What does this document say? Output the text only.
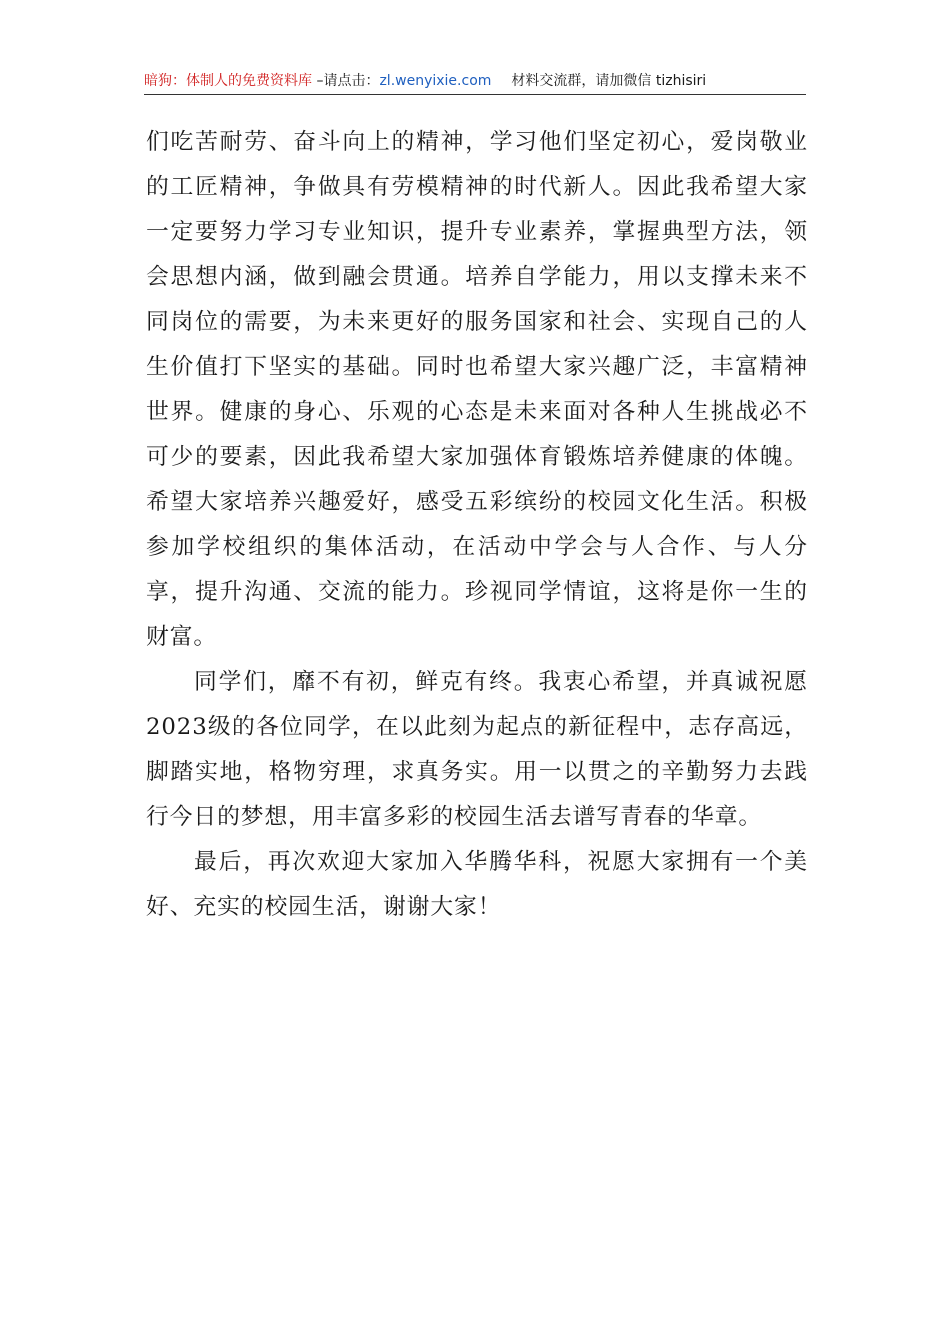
暗狗：体制人的免费资料库 –请点击：zl.wenyixie.com 材料交流群，请加微信 tizhisiri

们吃苦耐劳、奋斗向上的精神，学习他们坚定初心，爱岗敬业的工匠精神，争做具有劳模精神的时代新人。因此我希望大家一定要努力学习专业知识，提升专业素养，掌握典型方法，领会思想内涵，做到融会贯通。培养自学能力，用以支撑未来不同岗位的需要，为未来更好的服务国家和社会、实现自己的人生价值打下坚实的基础。同时也希望大家兴趣广泛，丰富精神世界。健康的身心、乐观的心态是未来面对各种人生挑战必不可少的要素，因此我希望大家加强体育锻炼培养健康的体魄。希望大家培养兴趣爱好，感受五彩缤纷的校园文化生活。积极参加学校组织的集体活动，在活动中学会与人合作、与人分享，提升沟通、交流的能力。珍视同学情谊，这将是你一生的财富。

同学们，靡不有初，鲜克有终。我衷心希望，并真诚祝愿2023级的各位同学，在以此刻为起点的新征程中，志存高远，脚踏实地，格物穷理，求真务实。用一以贯之的辛勤努力去践行今日的梦想，用丰富多彩的校园生活去谱写青春的华章。

最后，再次欢迎大家加入华腾华科，祝愿大家拥有一个美好、充实的校园生活，谢谢大家！
